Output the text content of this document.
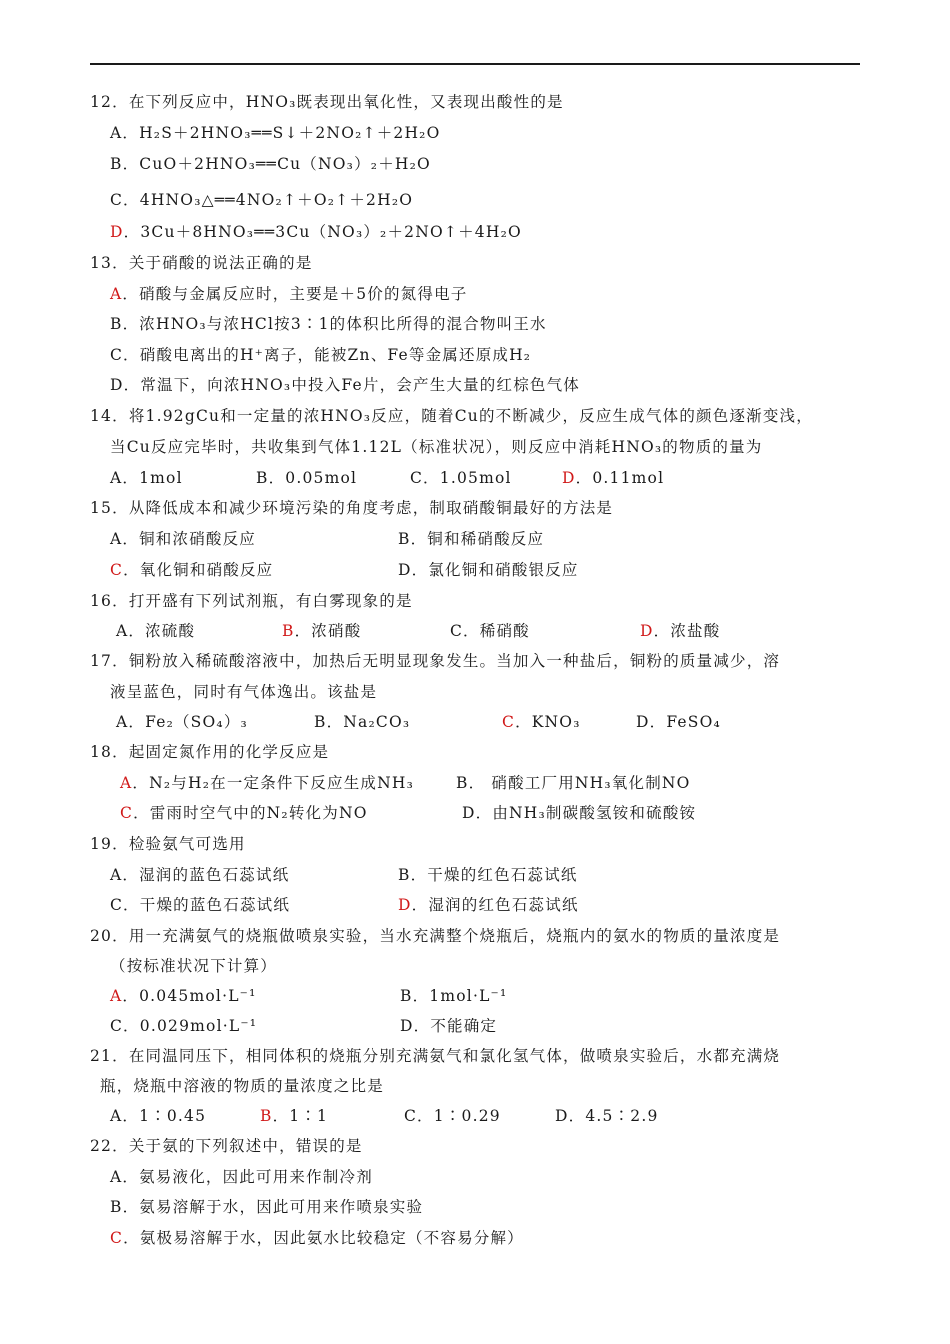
12．在下列反应中，HNO₃既表现出氧化性，又表现出酸性的是
A．H₂S＋2HNO₃══S↓＋2NO₂↑＋2H₂O
B．CuO＋2HNO₃══Cu（NO₃）₂＋H₂O
C．4HNO₃△══4NO₂↑＋O₂↑＋2H₂O
D．3Cu＋8HNO₃══3Cu（NO₃）₂＋2NO↑＋4H₂O
13．关于硝酸的说法正确的是
A．硝酸与金属反应时，主要是＋5价的氮得电子
B．浓HNO₃与浓HCl按3∶1的体积比所得的混合物叫王水
C．硝酸电离出的H⁺离子，能被Zn、Fe等金属还原成H₂
D．常温下，向浓HNO₃中投入Fe片，会产生大量的红棕色气体
14．将1.92gCu和一定量的浓HNO₃反应，随着Cu的不断减少，反应生成气体的颜色逐渐变浅，
当Cu反应完毕时，共收集到气体1.12L（标准状况），则反应中消耗HNO₃的物质的量为
A．1mol	B．0.05mol	C．1.05mol	D．0.11mol
15．从降低成本和减少环境污染的角度考虑，制取硝酸铜最好的方法是
A．铜和浓硝酸反应	B．铜和稀硝酸反应
C．氧化铜和硝酸反应	D．氯化铜和硝酸银反应
16．打开盛有下列试剂瓶，有白雾现象的是
A．浓硫酸	B．浓硝酸	C．稀硝酸	D．浓盐酸
17．铜粉放入稀硫酸溶液中，加热后无明显现象发生。当加入一种盐后，铜粉的质量减少，溶
液呈蓝色，同时有气体逸出。该盐是
A．Fe₂（SO₄）₃	B．Na₂CO₃	C．KNO₃	D．FeSO₄
18．起固定氮作用的化学反应是
A．N₂与H₂在一定条件下反应生成NH₃	B． 硝酸工厂用NH₃氧化制NO
C．雷雨时空气中的N₂转化为NO	D．由NH₃制碳酸氢铵和硫酸铵
19．检验氨气可选用
A．湿润的蓝色石蕊试纸	B．干燥的红色石蕊试纸
C．干燥的蓝色石蕊试纸	D．湿润的红色石蕊试纸
20．用一充满氨气的烧瓶做喷泉实验，当水充满整个烧瓶后，烧瓶内的氨水的物质的量浓度是
（按标准状况下计算）
A．0.045mol·L⁻¹	B．1mol·L⁻¹
C．0.029mol·L⁻¹	D．不能确定
21．在同温同压下，相同体积的烧瓶分别充满氨气和氯化氢气体，做喷泉实验后，水都充满烧
瓶，烧瓶中溶液的物质的量浓度之比是
A．1∶0.45	B．1∶1	C．1∶0.29	D．4.5∶2.9
22．关于氨的下列叙述中，错误的是
A．氨易液化，因此可用来作制冷剂
B．氨易溶解于水，因此可用来作喷泉实验
C．氨极易溶解于水，因此氨水比较稳定（不容易分解）
